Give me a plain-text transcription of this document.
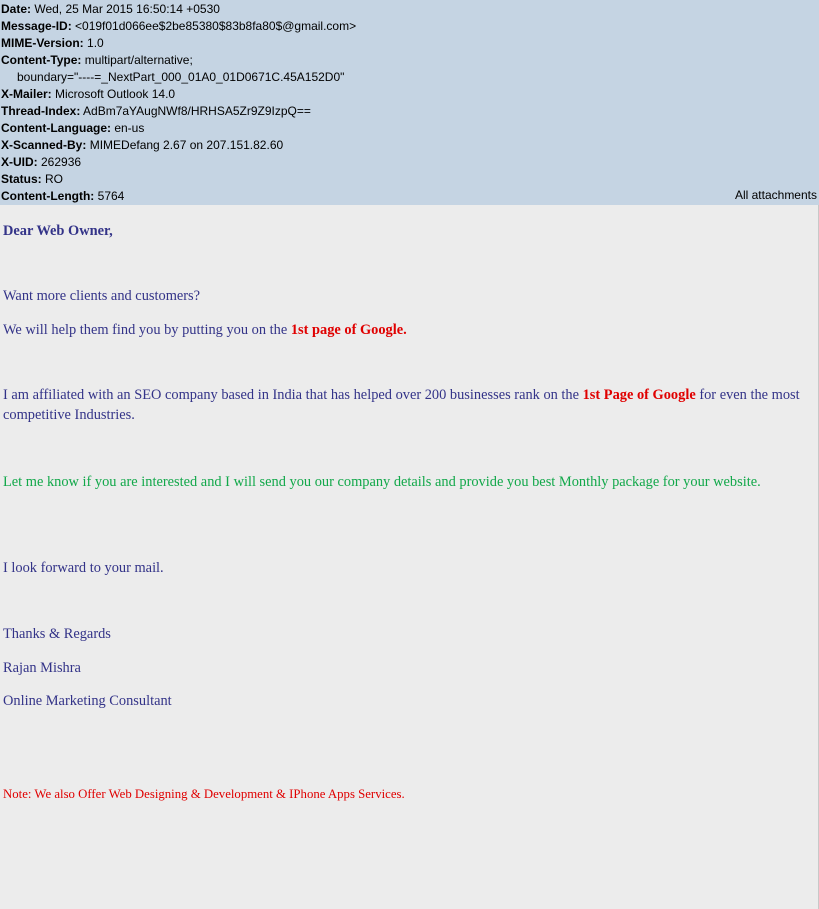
Date: Wed, 25 Mar 2015 16:50:14 +0530
Message-ID: <019f01d066ee$2be85380$83b8fa80$@gmail.com>
MIME-Version: 1.0
Content-Type: multipart/alternative;
boundary="----=_NextPart_000_01A0_01D0671C.45A152D0"
X-Mailer: Microsoft Outlook 14.0
Thread-Index: AdBm7aYAugNWf8/HRHSA5Zr9Z9IzpQ==
Content-Language: en-us
X-Scanned-By: MIMEDefang 2.67 on 207.151.82.60
X-UID: 262936
Status: RO
Content-Length: 5764	All attachments

Dear Web Owner,

Want more clients and customers?

We will help them find you by putting you on the 1st page of Google.

I am affiliated with an SEO company based in India that has helped over 200 businesses rank on the 1st Page of Google for even the most competitive Industries.

Let me know if you are interested and I will send you our company details and provide you best Monthly package for your website.

I look forward to your mail.

Thanks & Regards

Rajan Mishra

Online Marketing Consultant

Note: We also Offer Web Designing & Development & IPhone Apps Services.
